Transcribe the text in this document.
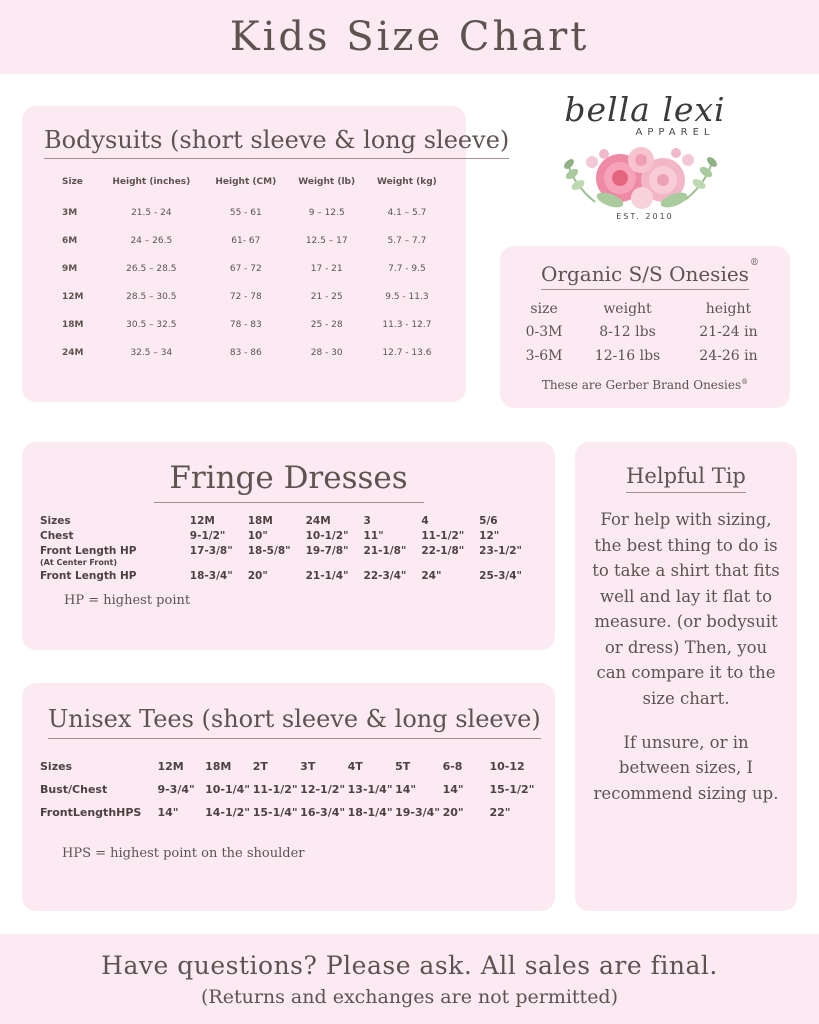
Kids Size Chart
Bodysuits (short sleeve & long sleeve)
Size	Height (inches)	Height (CM)	Weight (lb)	Weight (kg)
3M	21.5 - 24	55 - 61	9 – 12.5	4.1 – 5.7
6M	24 – 26.5	61- 67	12.5 – 17	5.7 – 7.7
9M	26.5 – 28.5	67 - 72	17 - 21	7.7 - 9.5
12M	28.5 – 30.5	72 - 78	21 - 25	9.5 - 11.3
18M	30.5 – 32.5	78 - 83	25 - 28	11.3 - 12.7
24M	32.5 – 34	83 - 86	28 - 30	12.7 - 13.6
bella lexi
APPAREL
EST. 2010
Organic S/S Onesies ®
size	weight	height
0-3M	8-12 lbs	21-24 in
3-6M	12-16 lbs	24-26 in
These are Gerber Brand Onesies®
Fringe Dresses
Sizes	12M	18M	24M	3	4	5/6
Chest	9-1/2"	10"	10-1/2"	11"	11-1/2"	12"
Front Length HP	17-3/8"	18-5/8"	19-7/8"	21-1/8"	22-1/8"	23-1/2"
(At Center Front)						
Front Length HP	18-3/4"	20"	21-1/4"	22-3/4"	24"	25-3/4"
HP = highest point
Unisex Tees (short sleeve & long sleeve)
Sizes	12M	18M	2T	3T	4T	5T	6-8	10-12
Bust/Chest	9-3/4"	10-1/4"	11-1/2"	12-1/2"	13-1/4"	14"	14"	15-1/2"
FrontLengthHPS	14"	14-1/2"	15-1/4"	16-3/4"	18-1/4"	19-3/4"	20"	22"
HPS = highest point on the shoulder
Helpful Tip

For help with sizing, the best thing to do is to take a shirt that fits well and lay it flat to measure. (or bodysuit or dress) Then, you can compare it to the size chart.

If unsure, or in between sizes, I recommend sizing up.

Have questions? Please ask. All sales are final.
(Returns and exchanges are not permitted)
